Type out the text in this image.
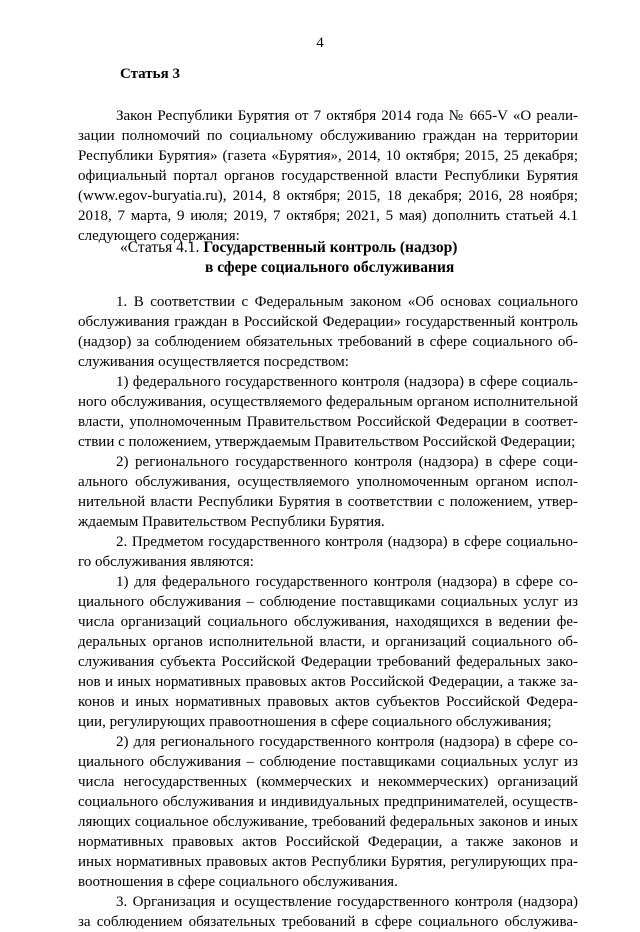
4
Статья 3
Закон Республики Бурятия от 7 октября 2014 года № 665-V «О реали-
зации полномочий по социальному обслуживанию граждан на территории
Республики Бурятия» (газета «Бурятия», 2014, 10 октября; 2015, 25 декабря;
официальный портал органов государственной власти Республики Бурятия
(www.egov-buryatia.ru), 2014, 8 октября; 2015, 18 декабря; 2016, 28 ноября;
2018, 7 марта, 9 июля; 2019, 7 октября; 2021, 5 мая) дополнить статьей 4.1
следующего содержания:
«Статья 4.1. Государственный контроль (надзор)
в сфере социального обслуживания
1. В соответствии с Федеральным законом «Об основах социального
обслуживания граждан в Российской Федерации» государственный контроль
(надзор) за соблюдением обязательных требований в сфере социального об-
служивания осуществляется посредством:
1) федерального государственного контроля (надзора) в сфере социаль-
ного обслуживания, осуществляемого федеральным органом исполнительной
власти, уполномоченным Правительством Российской Федерации в соответ-
ствии с положением, утверждаемым Правительством Российской Федерации;
2) регионального государственного контроля (надзора) в сфере соци-
ального обслуживания, осуществляемого уполномоченным органом испол-
нительной власти Республики Бурятия в соответствии с положением, утвер-
ждаемым Правительством Республики Бурятия.
2. Предметом государственного контроля (надзора) в сфере социально-
го обслуживания являются:
1) для федерального государственного контроля (надзора) в сфере со-
циального обслуживания – соблюдение поставщиками социальных услуг из
числа организаций социального обслуживания, находящихся в ведении фе-
деральных органов исполнительной власти, и организаций социального об-
служивания субъекта Российской Федерации требований федеральных зако-
нов и иных нормативных правовых актов Российской Федерации, а также за-
конов и иных нормативных правовых актов субъектов Российской Федера-
ции, регулирующих правоотношения в сфере социального обслуживания;
2) для регионального государственного контроля (надзора) в сфере со-
циального обслуживания – соблюдение поставщиками социальных услуг из
числа негосударственных (коммерческих и некоммерческих) организаций
социального обслуживания и индивидуальных предпринимателей, осуществ-
ляющих социальное обслуживание, требований федеральных законов и иных
нормативных правовых актов Российской Федерации, а также законов и
иных нормативных правовых актов Республики Бурятия, регулирующих пра-
воотношения в сфере социального обслуживания.
3. Организация и осуществление государственного контроля (надзора)
за соблюдением обязательных требований в сфере социального обслужива-
